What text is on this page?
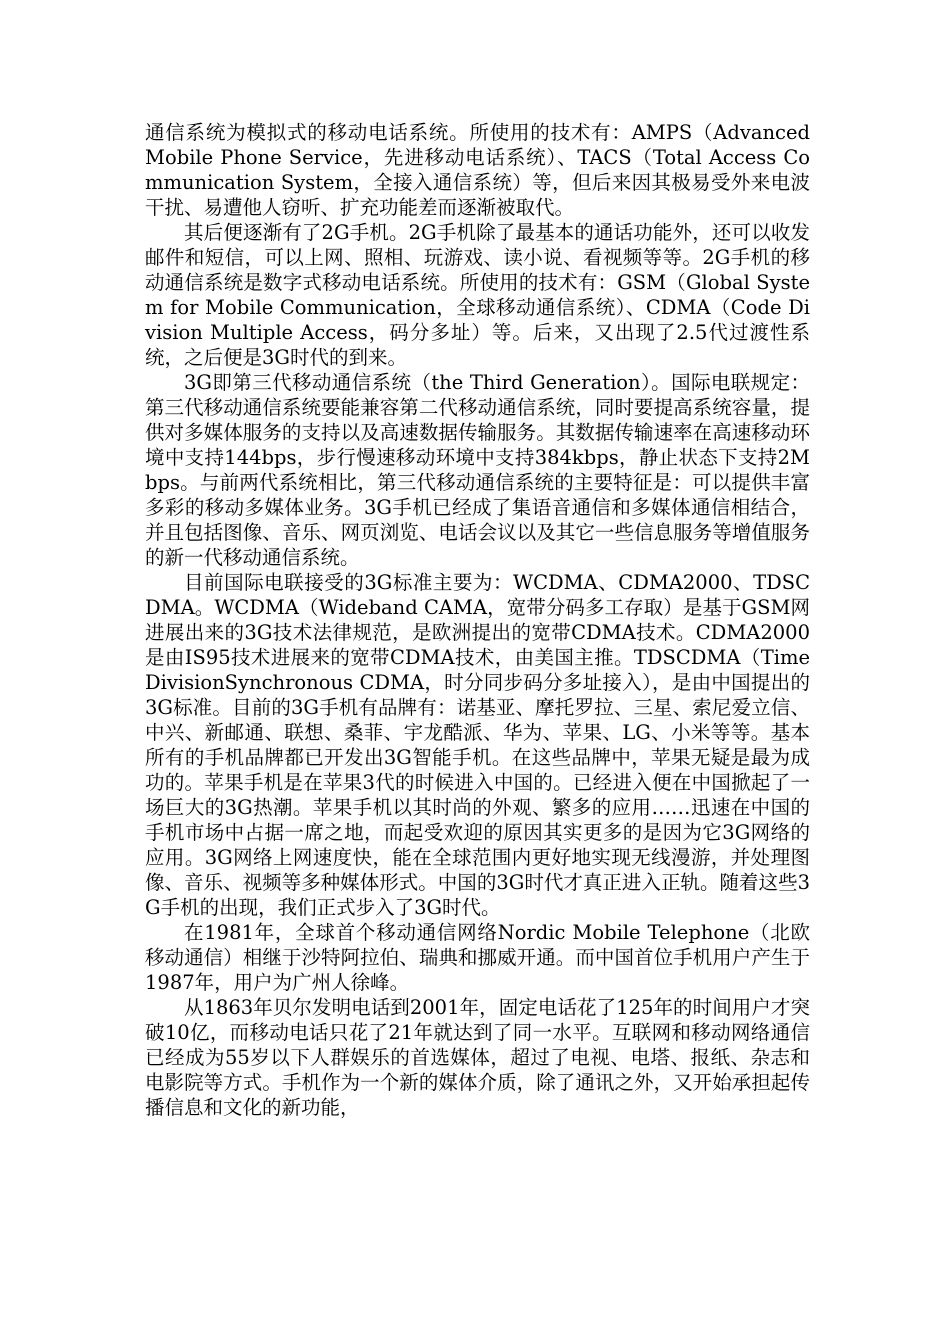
通信系统为模拟式的移动电话系统。所使用的技术有：AMPS（Advanced Mobile Phone Service，先进移动电话系统）、TACS（Total Access Communication System，全接入通信系统）等，但后来因其极易受外来电波干扰、易遭他人窃听、扩充功能差而逐渐被取代。

其后便逐渐有了2G手机。2G手机除了最基本的通话功能外，还可以收发邮件和短信，可以上网、照相、玩游戏、读小说、看视频等等。2G手机的移动通信系统是数字式移动电话系统。所使用的技术有：GSM（Global System for Mobile Communication，全球移动通信系统）、CDMA（Code Division Multiple Access，码分多址）等。后来，又出现了2.5代过渡性系统，之后便是3G时代的到来。

3G即第三代移动通信系统（the Third Generation）。国际电联规定：第三代移动通信系统要能兼容第二代移动通信系统，同时要提高系统容量，提供对多媒体服务的支持以及高速数据传输服务。其数据传输速率在高速移动环境中支持144bps，步行慢速移动环境中支持384kbps，静止状态下支持2Mbps。与前两代系统相比，第三代移动通信系统的主要特征是：可以提供丰富多彩的移动多媒体业务。3G手机已经成了集语音通信和多媒体通信相结合，并且包括图像、音乐、网页浏览、电话会议以及其它一些信息服务等增值服务的新一代移动通信系统。

目前国际电联接受的3G标准主要为：WCDMA、CDMA2000、TDSCDMA。WCDMA（Wideband CAMA，宽带分码多工存取）是基于GSM网进展出来的3G技术法律规范，是欧洲提出的宽带CDMA技术。CDMA2000是由IS95技术进展来的宽带CDMA技术，由美国主推。TDSCDMA（Time DivisionSynchronous CDMA，时分同步码分多址接入），是由中国提出的3G标准。目前的3G手机有品牌有：诺基亚、摩托罗拉、三星、索尼爱立信、中兴、新邮通、联想、桑菲、宇龙酷派、华为、苹果、LG、小米等等。基本所有的手机品牌都已开发出3G智能手机。在这些品牌中，苹果无疑是最为成功的。苹果手机是在苹果3代的时候进入中国的。已经进入便在中国掀起了一场巨大的3G热潮。苹果手机以其时尚的外观、繁多的应用……迅速在中国的手机市场中占据一席之地，而起受欢迎的原因其实更多的是因为它3G网络的应用。3G网络上网速度快，能在全球范围内更好地实现无线漫游，并处理图像、音乐、视频等多种媒体形式。中国的3G时代才真正进入正轨。随着这些3G手机的出现，我们正式步入了3G时代。

在1981年，全球首个移动通信网络Nordic Mobile Telephone（北欧移动通信）相继于沙特阿拉伯、瑞典和挪威开通。而中国首位手机用户产生于1987年，用户为广州人徐峰。

从1863年贝尔发明电话到2001年，固定电话花了125年的时间用户才突破10亿，而移动电话只花了21年就达到了同一水平。互联网和移动网络通信已经成为55岁以下人群娱乐的首选媒体，超过了电视、电塔、报纸、杂志和电影院等方式。手机作为一个新的媒体介质，除了通讯之外，又开始承担起传播信息和文化的新功能，
